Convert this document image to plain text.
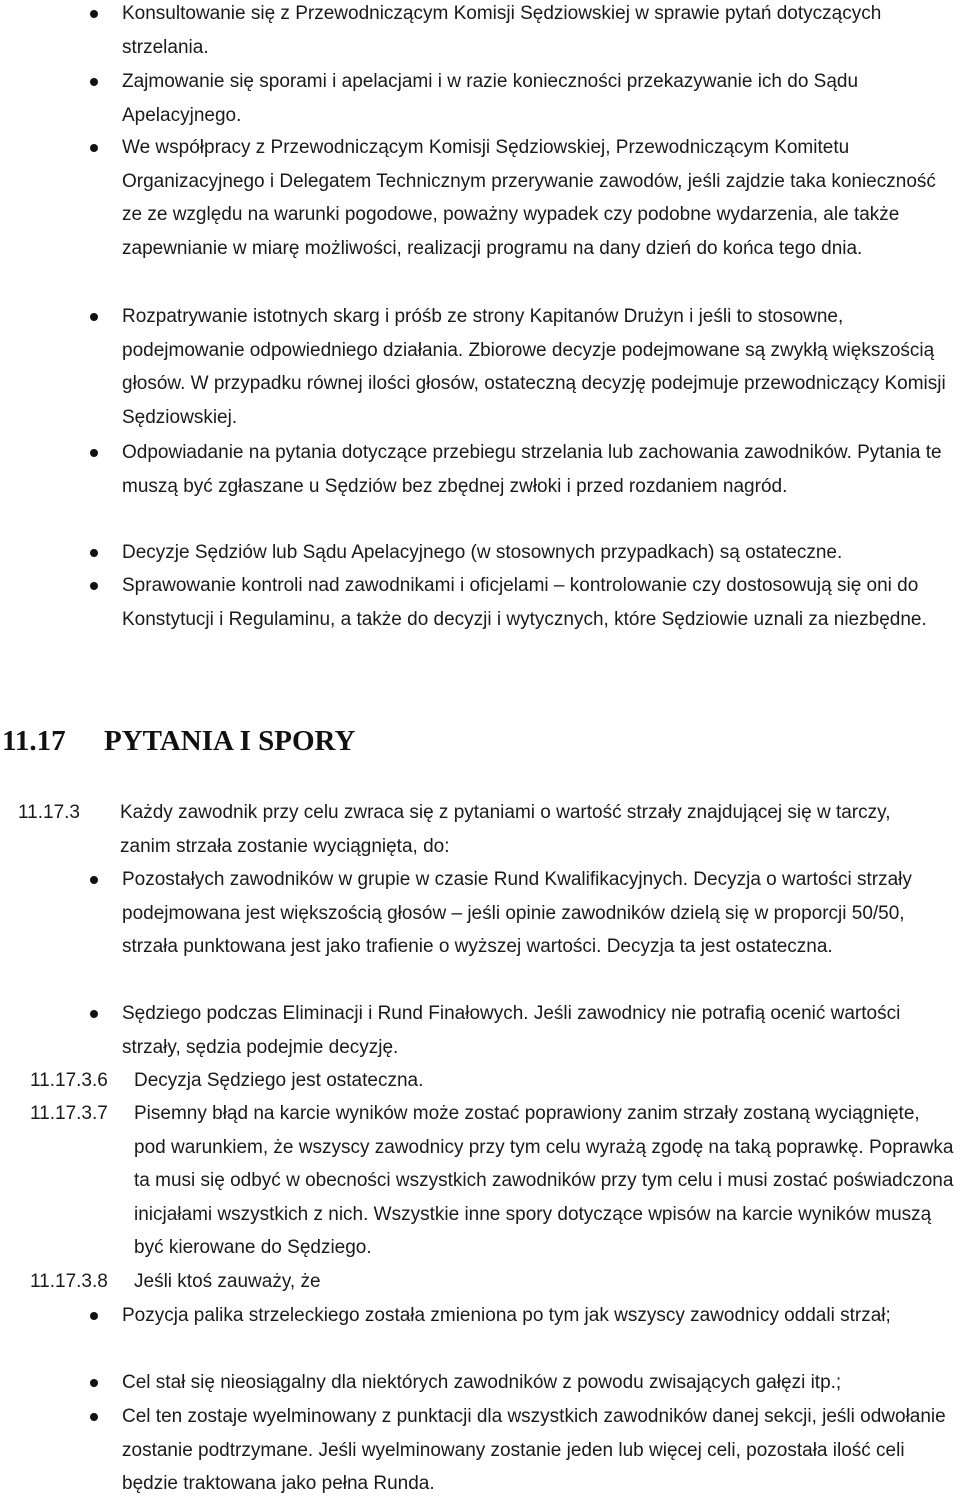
Konsultowanie się z Przewodniczącym Komisji Sędziowskiej w sprawie pytań dotyczących strzelania.
Zajmowanie się sporami i apelacjami i w razie konieczności przekazywanie ich do Sądu Apelacyjnego.
We współpracy z Przewodniczącym Komisji Sędziowskiej, Przewodniczącym Komitetu Organizacyjnego i Delegatem Technicznym przerywanie zawodów, jeśli zajdzie taka konieczność ze ze względu na warunki pogodowe, poważny wypadek czy podobne wydarzenia, ale także zapewnianie w miarę możliwości, realizacji programu na dany dzień do końca tego dnia.
Rozpatrywanie istotnych skarg i próśb ze strony Kapitanów Drużyn i jeśli to stosowne, podejmowanie odpowiedniego działania. Zbiorowe decyzje podejmowane są zwykłą większością głosów. W przypadku równej ilości głosów, ostateczną decyzję podejmuje przewodniczący Komisji Sędziowskiej.
Odpowiadanie na pytania dotyczące przebiegu strzelania lub zachowania zawodników. Pytania te muszą być zgłaszane u Sędziów bez zbędnej zwłoki i przed rozdaniem nagród.
Decyzje Sędziów lub Sądu Apelacyjnego (w stosownych przypadkach) są ostateczne.
Sprawowanie kontroli nad zawodnikami i oficjelami – kontrolowanie czy dostosowują się oni do Konstytucji i Regulaminu, a także do decyzji i wytycznych, które Sędziowie uznali za niezbędne.
11.17 PYTANIA I SPORY
11.17.3 Każdy zawodnik przy celu zwraca się z pytaniami o wartość strzały znajdującej się w tarczy, zanim strzała zostanie wyciągnięta, do:
Pozostałych zawodników w grupie w czasie Rund Kwalifikacyjnych. Decyzja o wartości strzały podejmowana jest większością głosów – jeśli opinie zawodników dzielą się w proporcji 50/50, strzała punktowana jest jako trafienie o wyższej wartości. Decyzja ta jest ostateczna.
Sędziego podczas Eliminacji i Rund Finałowych. Jeśli zawodnicy nie potrafią ocenić wartości strzały, sędzia podejmie decyzję.
11.17.3.6 Decyzja Sędziego jest ostateczna.
11.17.3.7 Pisemny błąd na karcie wyników może zostać poprawiony zanim strzały zostaną wyciągnięte, pod warunkiem, że wszyscy zawodnicy przy tym celu wyrażą zgodę na taką poprawkę. Poprawka ta musi się odbyć w obecności wszystkich zawodników przy tym celu i musi zostać poświadczona inicjałami wszystkich z nich. Wszystkie inne spory dotyczące wpisów na karcie wyników muszą być kierowane do Sędziego.
11.17.3.8 Jeśli ktoś zauważy, że
Pozycja palika strzeleckiego została zmieniona po tym jak wszyscy zawodnicy oddali strzał;
Cel stał się nieosiągalny dla niektórych zawodników z powodu zwisających gałęzi itp.;
Cel ten zostaje wyelminowany z punktacji dla wszystkich zawodników danej sekcji, jeśli odwołanie zostanie podtrzymane. Jeśli wyelminowany zostanie jeden lub więcej celi, pozostała ilość celi będzie traktowana jako pełna Runda.
